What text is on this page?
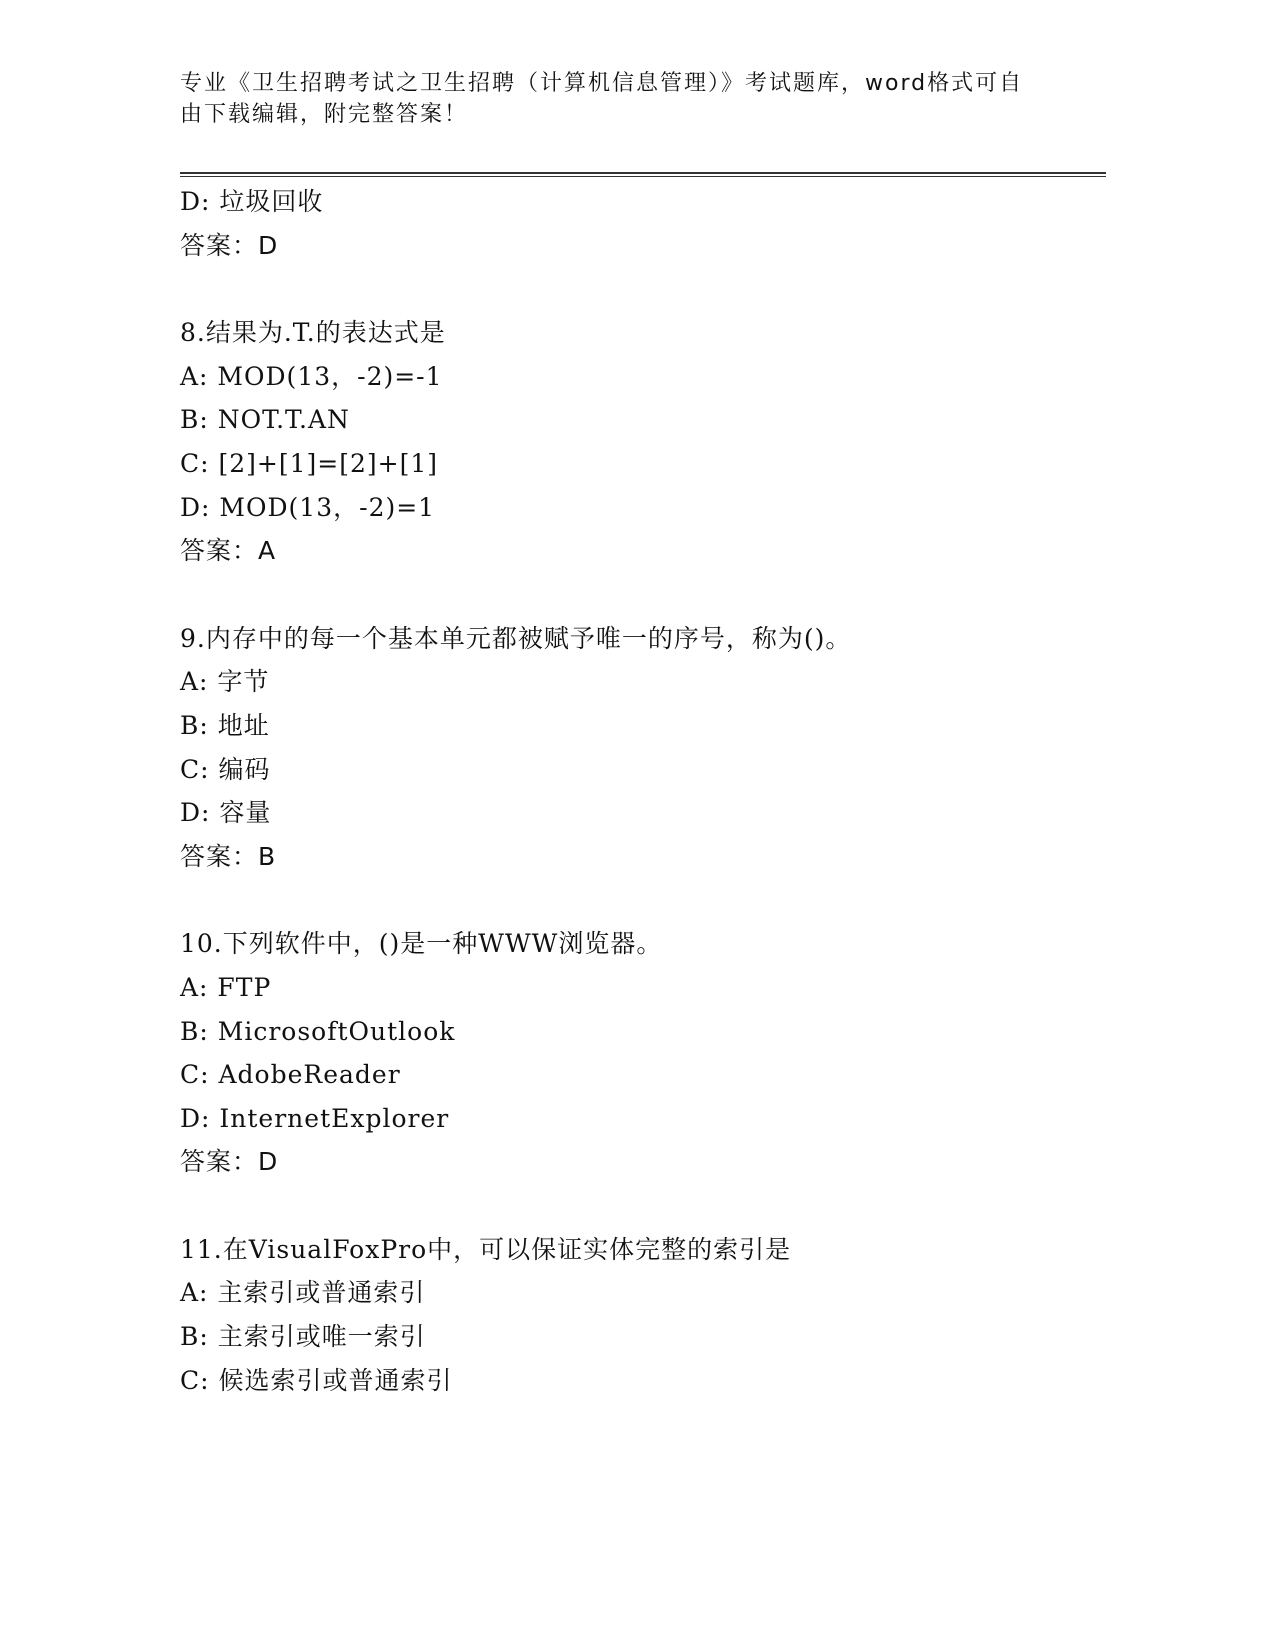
专业《卫生招聘考试之卫生招聘（计算机信息管理）》考试题库，word格式可自由下载编辑，附完整答案！
D: 垃圾回收
答案：D
8.结果为.T.的表达式是
A: MOD(13，-2)=-1
B: NOT.T.AN
C: [2]+[1]=[2]+[1]
D: MOD(13，-2)=1
答案：A
9.内存中的每一个基本单元都被赋予唯一的序号，称为()。
A: 字节
B: 地址
C: 编码
D: 容量
答案：B
10.下列软件中，()是一种WWW浏览器。
A: FTP
B: MicrosoftOutlook
C: AdobeReader
D: InternetExplorer
答案：D
11.在VisualFoxPro中，可以保证实体完整的索引是
A: 主索引或普通索引
B: 主索引或唯一索引
C: 候选索引或普通索引
